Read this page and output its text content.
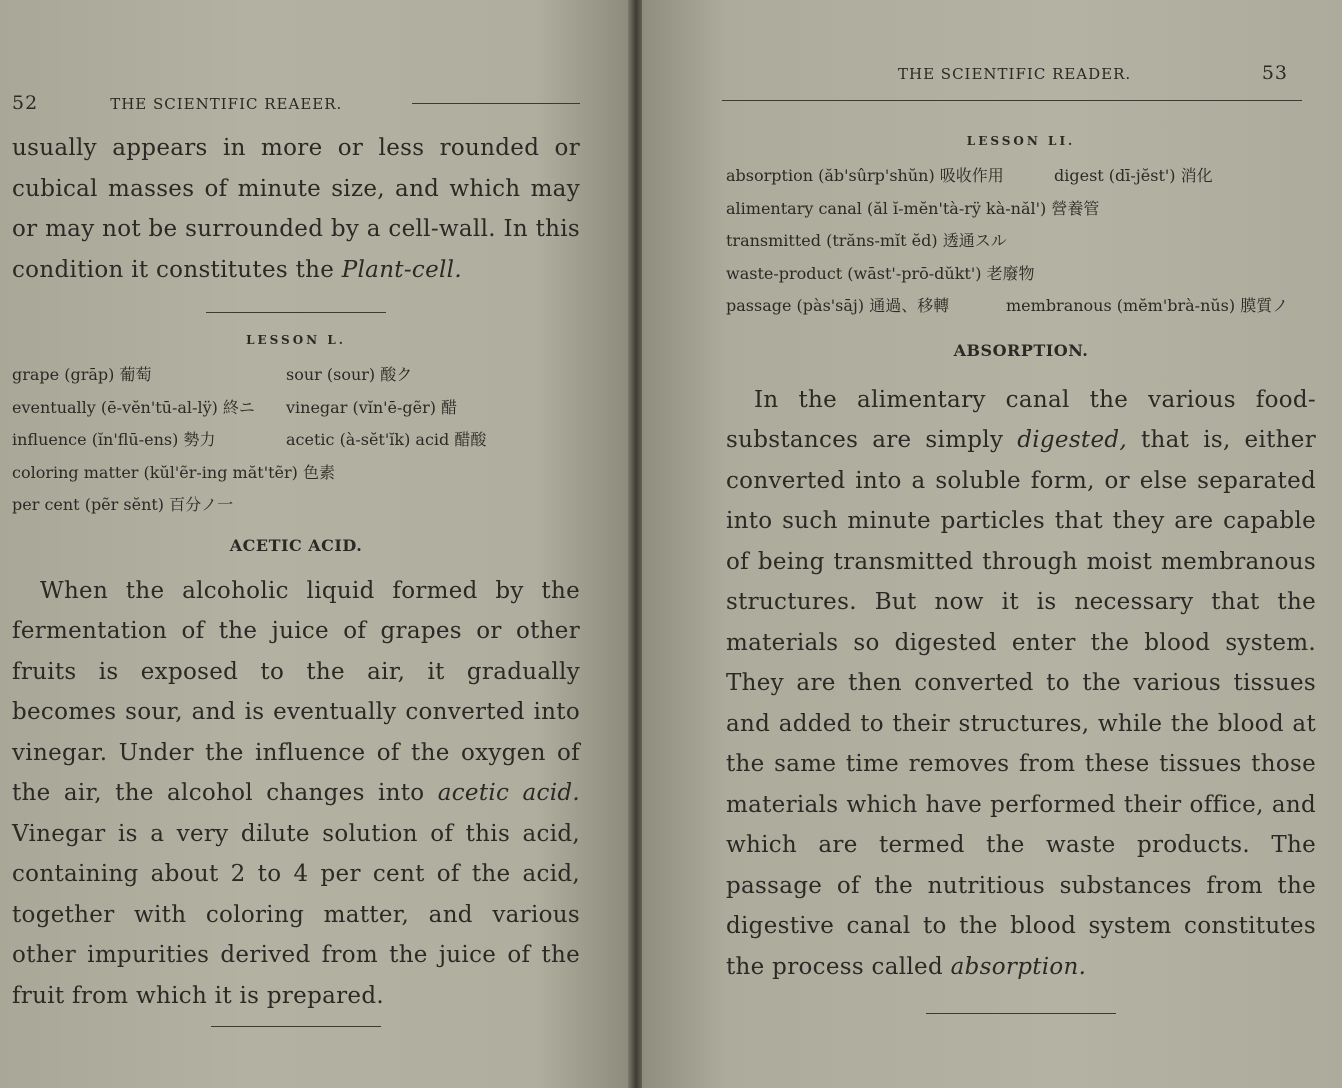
52	THE SCIENTIFIC REAEER.
usually appears in more or less rounded or cubical masses of minute size, and which may or may not be surrounded by a cell-wall. In this condition it constitutes the Plant-cell.
LESSON L.
grape (grāp) 葡萄	sour (sour) 酸ク
eventually (ē-vĕn'tū-al-lÿ) 終ニ	vinegar (vĭn'ē-gẽr) 醋
influence (ĭn'flū-ens) 勢力	acetic (à-sĕt'ĭk) acid 醋酸
coloring matter (kŭl'ẽr-ing măt'tẽr) 色素
per cent (pẽr sĕnt) 百分ノ一
ACETIC ACID.
When the alcoholic liquid formed by the fermentation of the juice of grapes or other fruits is exposed to the air, it gradually becomes sour, and is eventually converted into vinegar. Under the influence of the oxygen of the air, the alcohol changes into acetic acid. Vinegar is a very dilute solution of this acid, containing about 2 to 4 per cent of the acid, together with coloring matter, and various other impurities derived from the juice of the fruit from which it is prepared.
THE SCIENTIFIC READER.	53
LESSON LI.
absorption (ăb'sûrp'shŭn) 吸收作用	digest (dī-jĕst') 消化
alimentary canal (ăl ĭ-mĕn'tà-rÿ kà-năl') 營養管
transmitted (trăns-mĭt ĕd) 透通スル
waste-product (wāst'-prō-dŭkt') 老廢物
passage (pàs'sāj) 通過、移轉	membranous (mĕm'brà-nŭs) 膜質ノ
ABSORPTION.
In the alimentary canal the various food-substances are simply digested, that is, either converted into a soluble form, or else separated into such minute particles that they are capable of being transmitted through moist membranous structures. But now it is necessary that the materials so digested enter the blood system. They are then converted to the various tissues and added to their structures, while the blood at the same time removes from these tissues those materials which have performed their office, and which are termed the waste products. The passage of the nutritious substances from the digestive canal to the blood system constitutes the process called absorption.
